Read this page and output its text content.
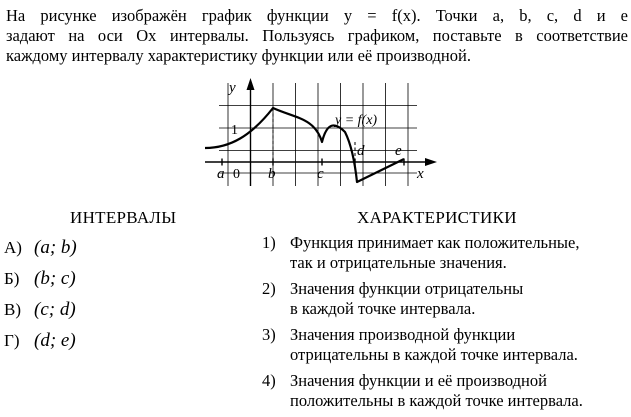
На рисунке изображён график функции y = f(x). Точки a, b, c, d и e
задают на оси Ox интервалы. Пользуясь графиком, поставьте в соответствие
каждому интервалу характеристику функции или её производной.
y
x
y = f(x)
a	b	c
d e
1
0
ИНТЕРВАЛЫ	ХАРАКТЕРИСТИКИ
А) (a; b)
Б) (b; c)
В) (c; d)
Г) (d; e)
1) Функция принимает как положительные,
так и отрицательные значения.
2) Значения функции отрицательны
в каждой точке интервала.
3) Значения производной функции
отрицательны в каждой точке интервала.
4) Значения функции и её производной
положительны в каждой точке интервала.
